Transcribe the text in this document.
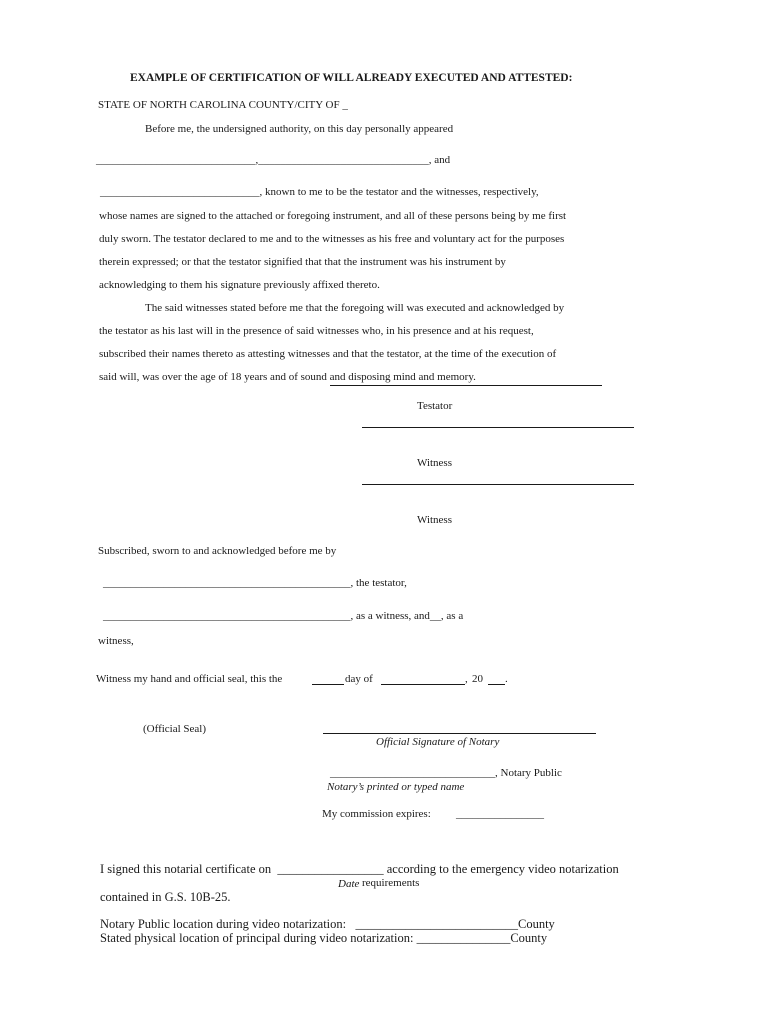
EXAMPLE OF CERTIFICATION OF WILL ALREADY EXECUTED AND ATTESTED:
STATE OF NORTH CAROLINA COUNTY/CITY OF _
Before me, the undersigned authority, on this day personally appeared
_____________________________,_______________________________, and
_____________________________, known to me to be the testator and the witnesses, respectively,
whose names are signed to the attached or foregoing instrument, and all of these persons being by me first
duly sworn. The testator declared to me and to the witnesses as his free and voluntary act for the purposes
therein expressed; or that the testator signified that that the instrument was his instrument by
acknowledging to them his signature previously affixed thereto.
The said witnesses stated before me that the foregoing will was executed and acknowledged by
the testator as his last will in the presence of said witnesses who, in his presence and at his request,
subscribed their names thereto as attesting witnesses and that the testator, at the time of the execution of
said will, was over the age of 18 years and of sound and disposing mind and memory.
Testator
Witness
Witness
Subscribed, sworn to and acknowledged before me by
_____________________________________________, the testator,
_____________________________________________, as a witness, and__, as a
witness,
Witness my hand and official seal, this the	day of	, 20 .
(Official Seal)
Official Signature of Notary
______________________________, Notary Public
Notary’s printed or typed name
My commission expires: ________________
I signed this notarial certificate on  _________________ according to the emergency video notarization
Date requirements
contained in G.S. 10B-25.
Notary Public location during video notarization:   __________________________County
Stated physical location of principal during video notarization: _______________County
